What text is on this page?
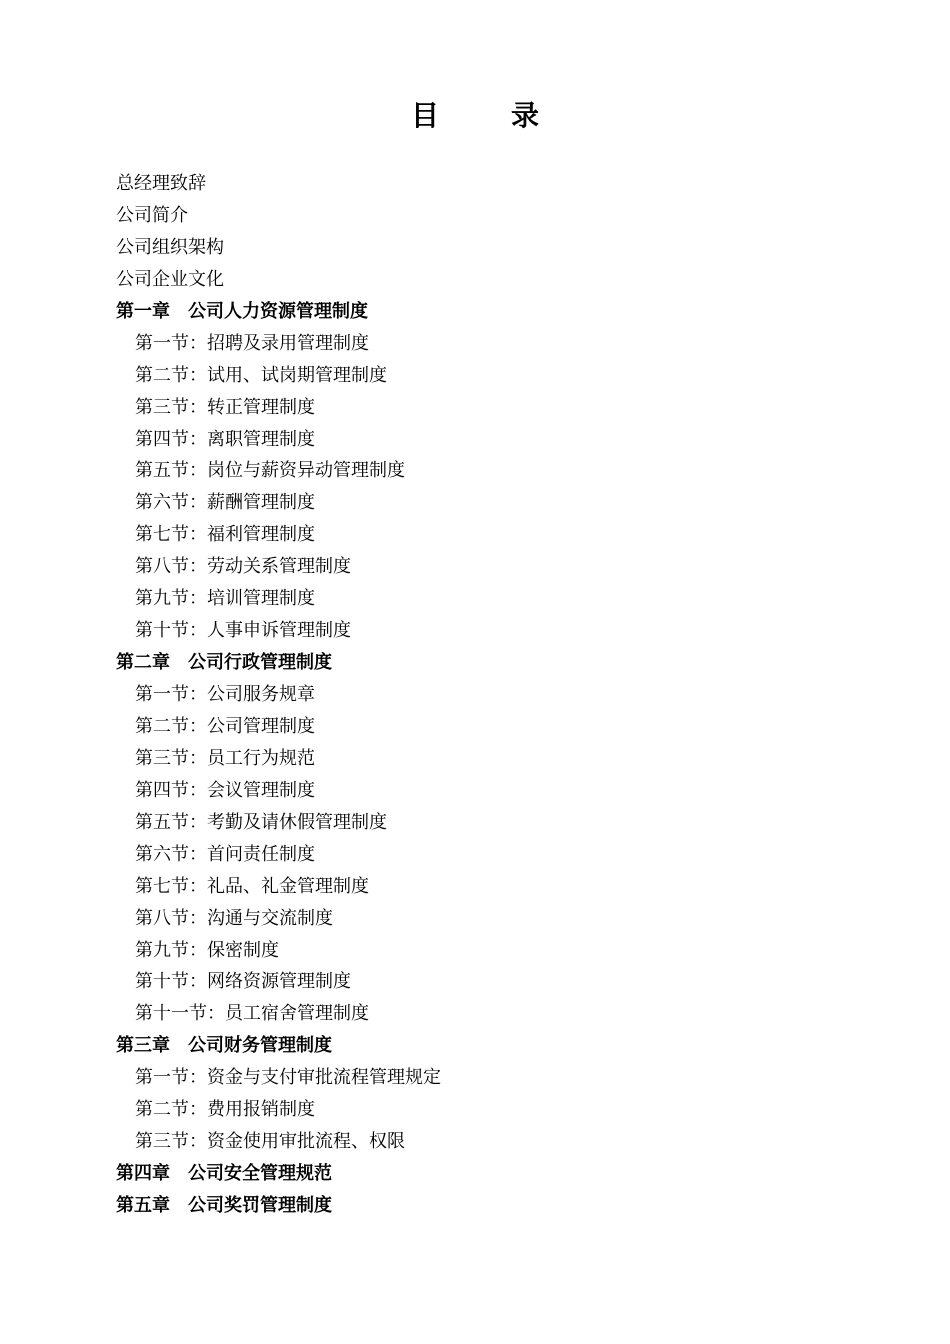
目　录
总经理致辞
公司简介
公司组织架构
公司企业文化
第一章 公司人力资源管理制度
第一节：招聘及录用管理制度
第二节：试用、试岗期管理制度
第三节：转正管理制度
第四节：离职管理制度
第五节：岗位与薪资异动管理制度
第六节：薪酬管理制度
第七节：福利管理制度
第八节：劳动关系管理制度
第九节：培训管理制度
第十节：人事申诉管理制度
第二章 公司行政管理制度
第一节：公司服务规章
第二节：公司管理制度
第三节：员工行为规范
第四节：会议管理制度
第五节：考勤及请休假管理制度
第六节：首问责任制度
第七节：礼品、礼金管理制度
第八节：沟通与交流制度
第九节：保密制度
第十节：网络资源管理制度
第十一节：员工宿舍管理制度
第三章 公司财务管理制度
第一节：资金与支付审批流程管理规定
第二节：费用报销制度
第三节：资金使用审批流程、权限
第四章 公司安全管理规范
第五章 公司奖罚管理制度
